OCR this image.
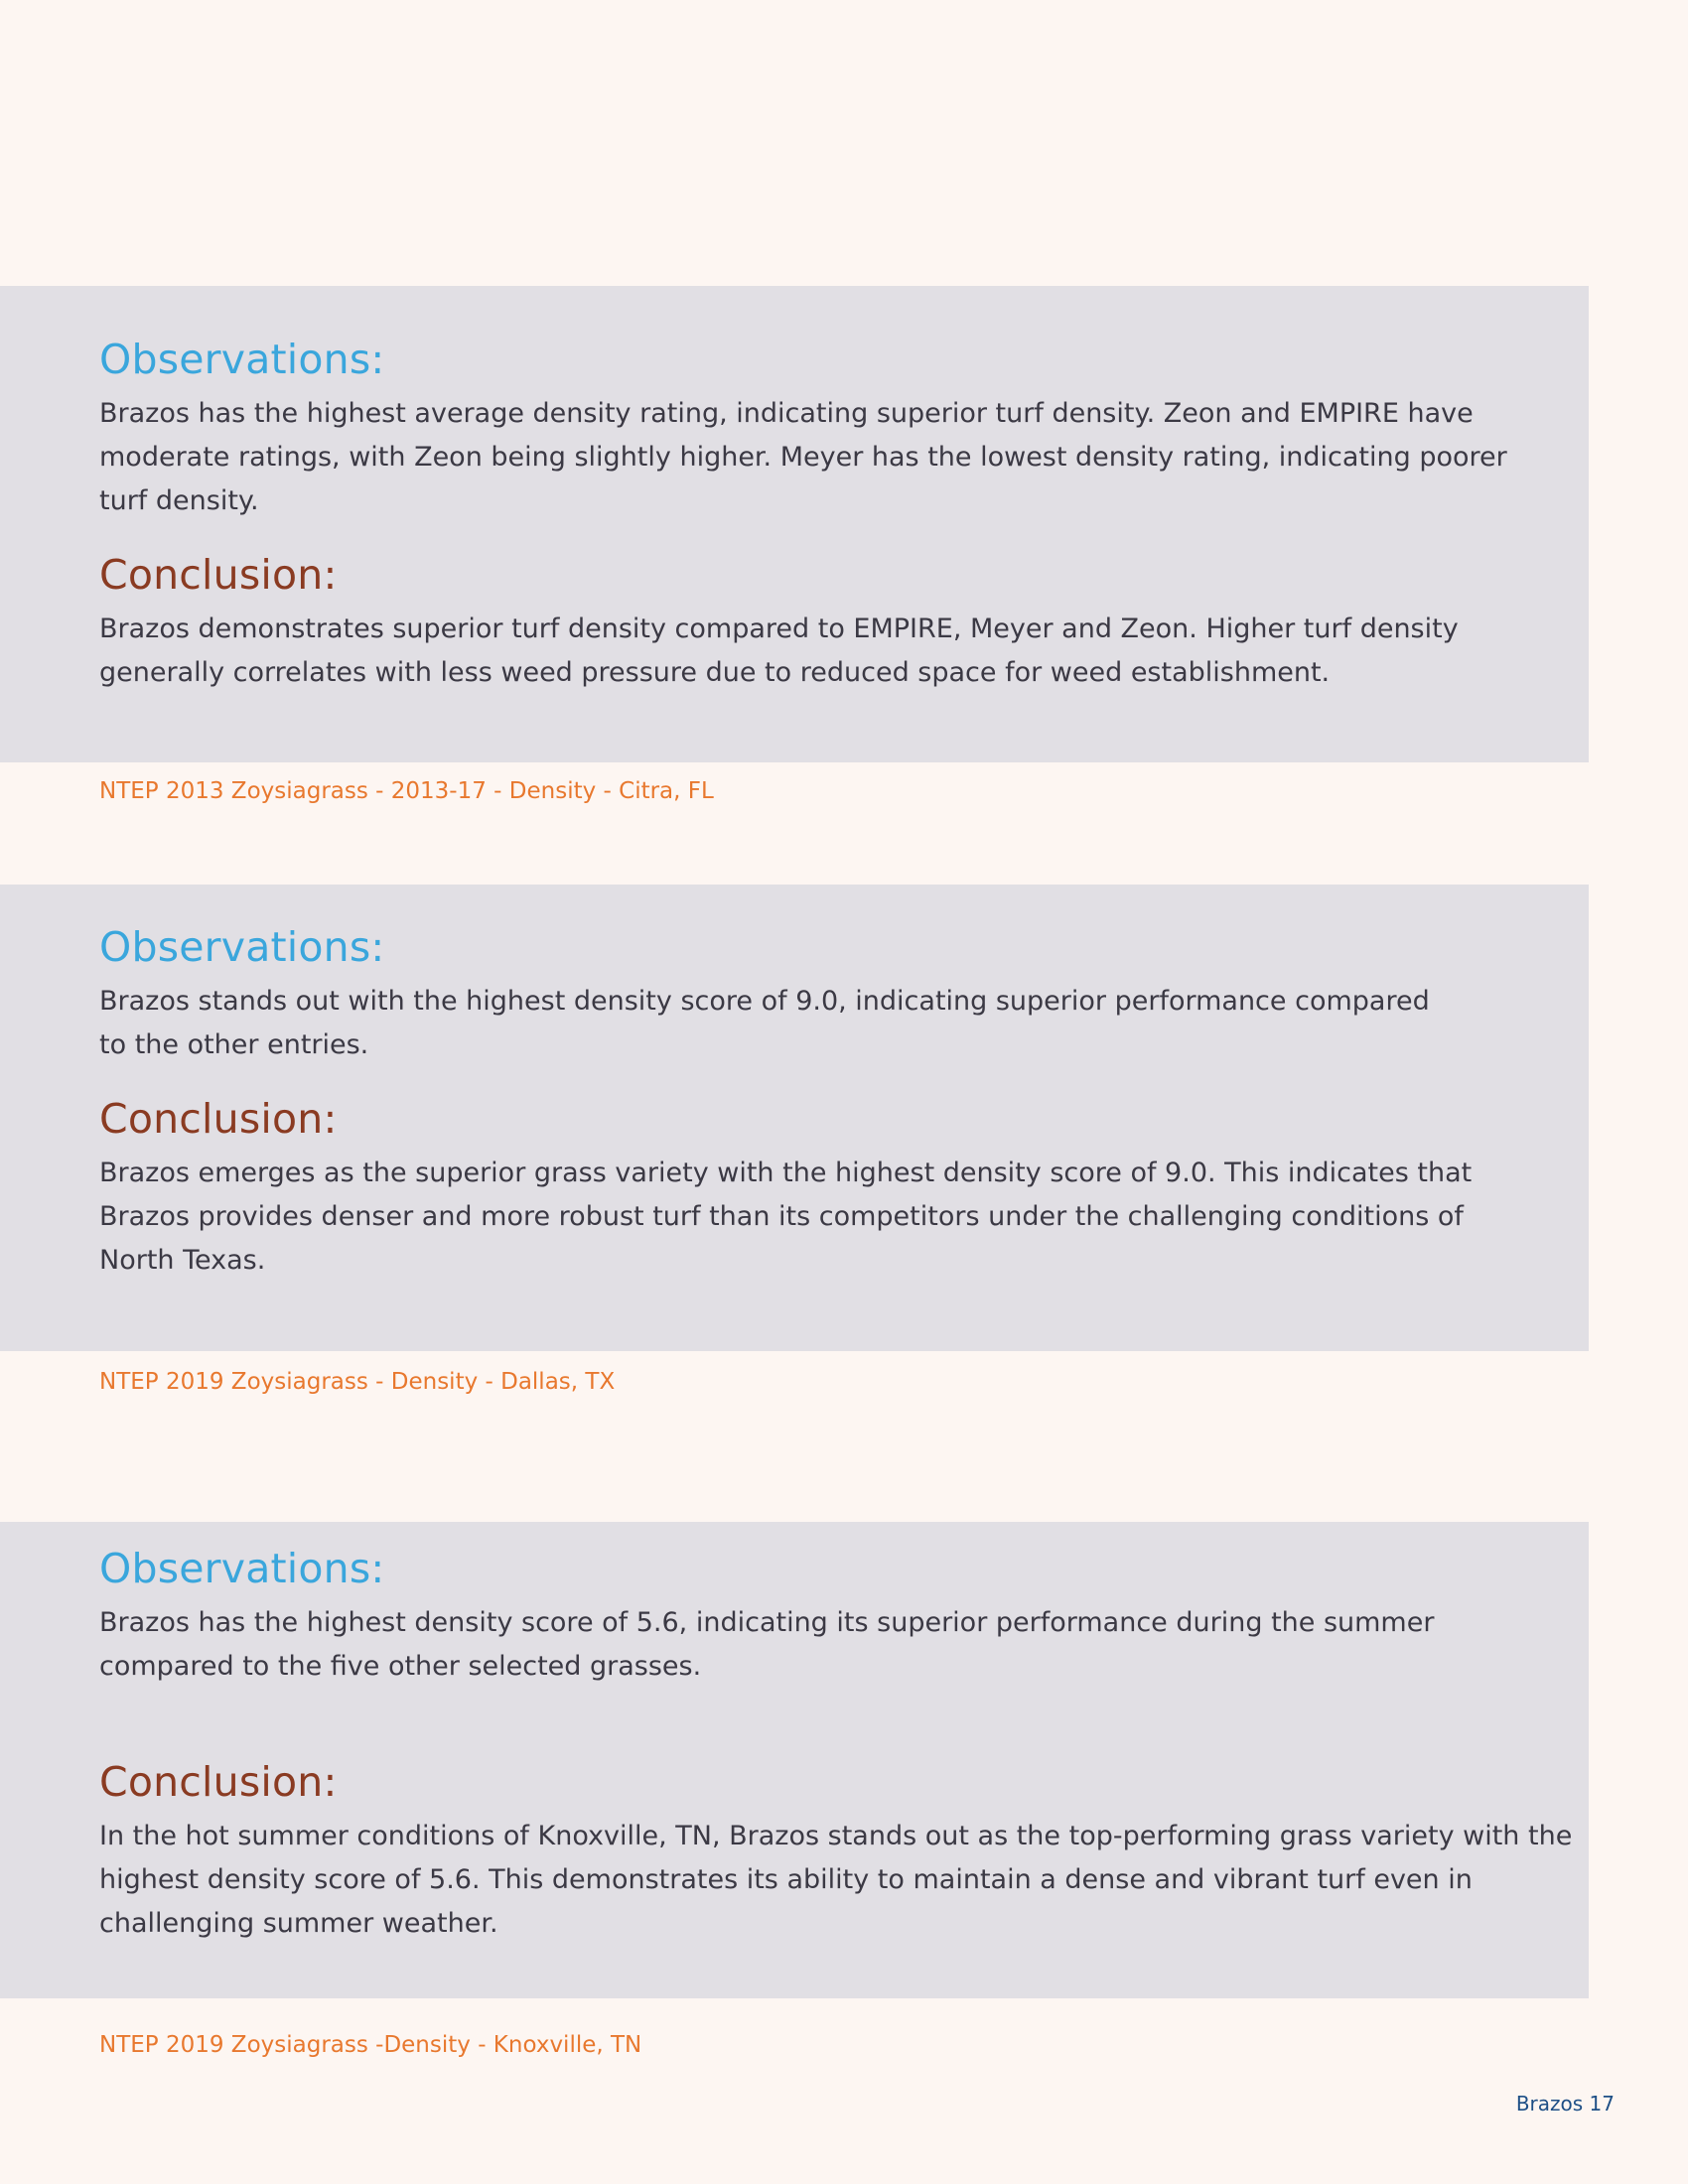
Observations:

Brazos has the highest average density rating, indicating superior turf density. Zeon and EMPIRE have moderate ratings, with Zeon being slightly higher. Meyer has the lowest density rating, indicating poorer turf density.

Conclusion:

Brazos demonstrates superior turf density compared to EMPIRE, Meyer and Zeon. Higher turf density generally correlates with less weed pressure due to reduced space for weed establishment.

NTEP 2013 Zoysiagrass - 2013-17 - Density - Citra, FL

Observations:

Brazos stands out with the highest density score of 9.0, indicating superior performance compared to the other entries.

Conclusion:

Brazos emerges as the superior grass variety with the highest density score of 9.0. This indicates that Brazos provides denser and more robust turf than its competitors under the challenging conditions of North Texas.

NTEP 2019 Zoysiagrass - Density - Dallas, TX

Observations:

Brazos has the highest density score of 5.6, indicating its superior performance during the summer compared to the five other selected grasses.

Conclusion:

In the hot summer conditions of Knoxville, TN, Brazos stands out as the top-performing grass variety with the highest density score of 5.6. This demonstrates its ability to maintain a dense and vibrant turf even in challenging summer weather.

NTEP 2019 Zoysiagrass -Density - Knoxville, TN

Brazos 17
